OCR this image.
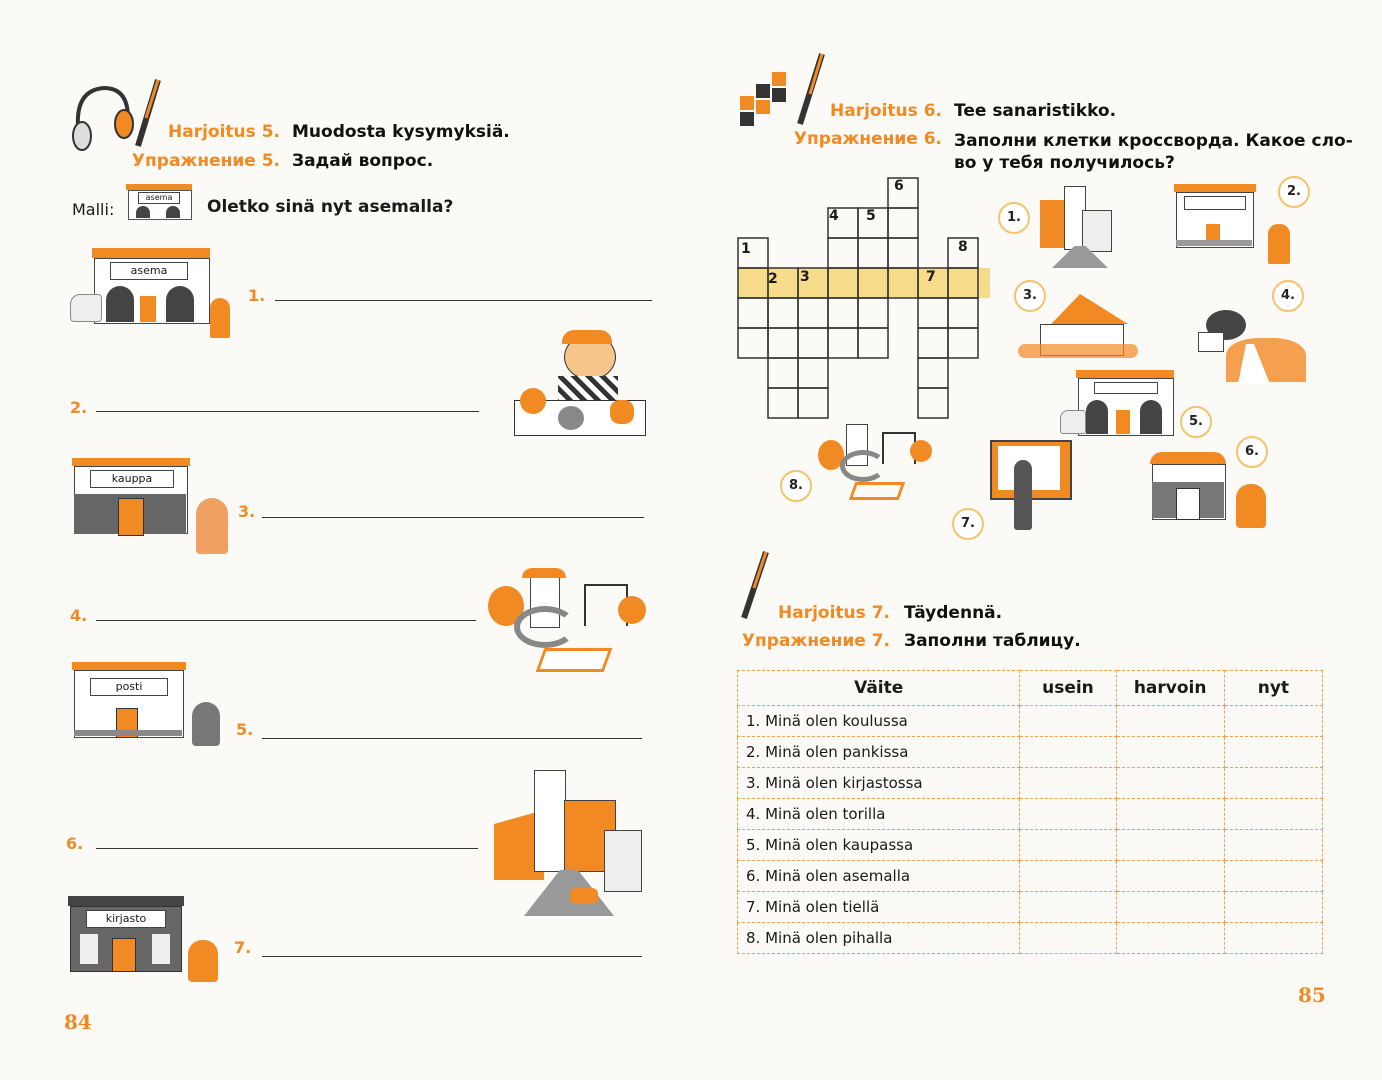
Harjoitus 5. Muodosta kysymyksiä.
Упражнение 5. Задай вопрос.
Malli:
asema	Oletko sinä nyt asemalla?
asema
1.
2.
kauppa
3.
4.
posti
5.
6.
kirjasto
7.
84
Harjoitus 6. Tee sanaristikko.
Упражнение 6. Заполни клетки кроссворда. Какое сло-
во у тебя получилось?
1
2 3
4 5
6
7
8
1.
2.
3.	4.
5.
6.
7.
8.
Harjoitus 7. Täydennä.
Упражнение 7. Заполни таблицу.
Väite	usein	harvoin	nyt
1. Minä olen koulussa			
2. Minä olen pankissa			
3. Minä olen kirjastossa			
4. Minä olen torilla			
5. Minä olen kaupassa			
6. Minä olen asemalla			
7. Minä olen tiellä			
8. Minä olen pihalla			
85
